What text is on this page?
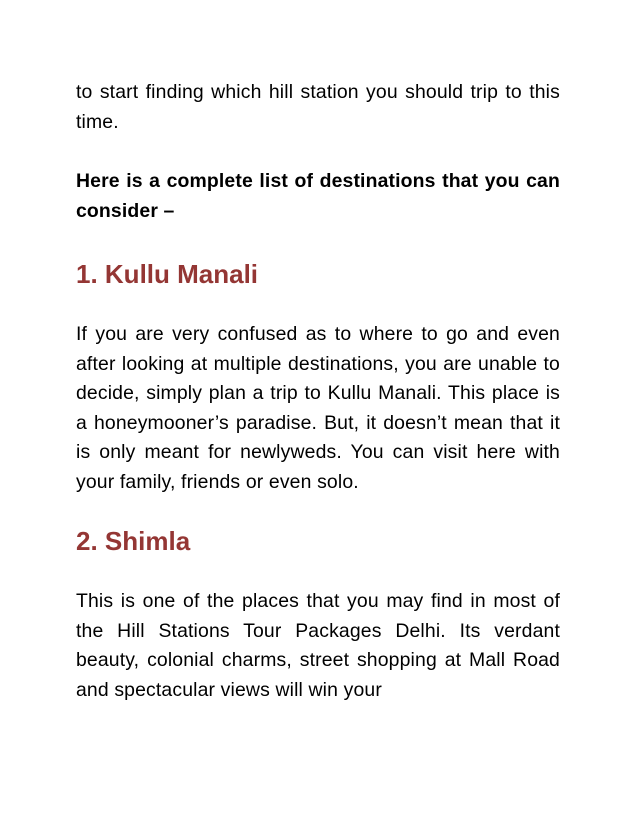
to start finding which hill station you should trip to this time.

Here is a complete list of destinations that you can consider –

1. Kullu Manali

If you are very confused as to where to go and even after looking at multiple destinations, you are unable to decide, simply plan a trip to Kullu Manali. This place is a honeymooner’s paradise. But, it doesn’t mean that it is only meant for newlyweds. You can visit here with your family, friends or even solo.

2. Shimla

This is one of the places that you may find in most of the Hill Stations Tour Packages Delhi. Its verdant beauty, colonial charms, street shopping at Mall Road and spectacular views will win your
